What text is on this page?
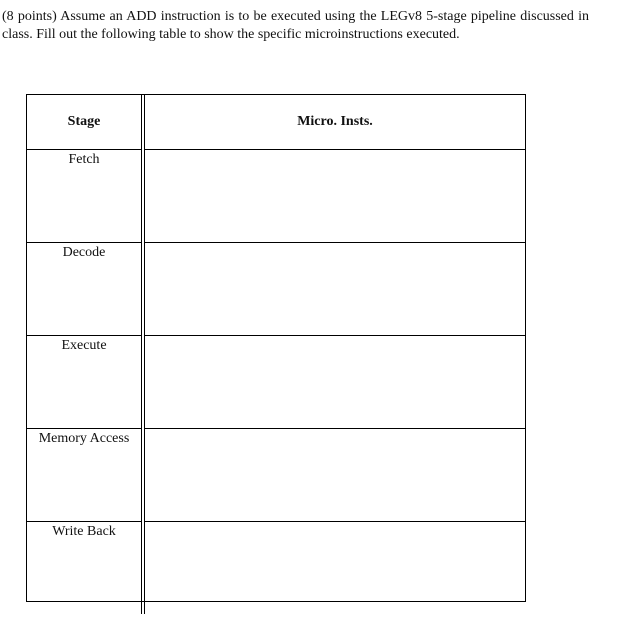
(8 points) Assume an ADD instruction is to be executed using the LEGv8 5-stage pipeline discussed in class. Fill out the following table to show the specific microinstructions executed.

Stage	Micro. Insts.
Fetch	
Decode	
Execute	
Memory Access	
Write Back	
